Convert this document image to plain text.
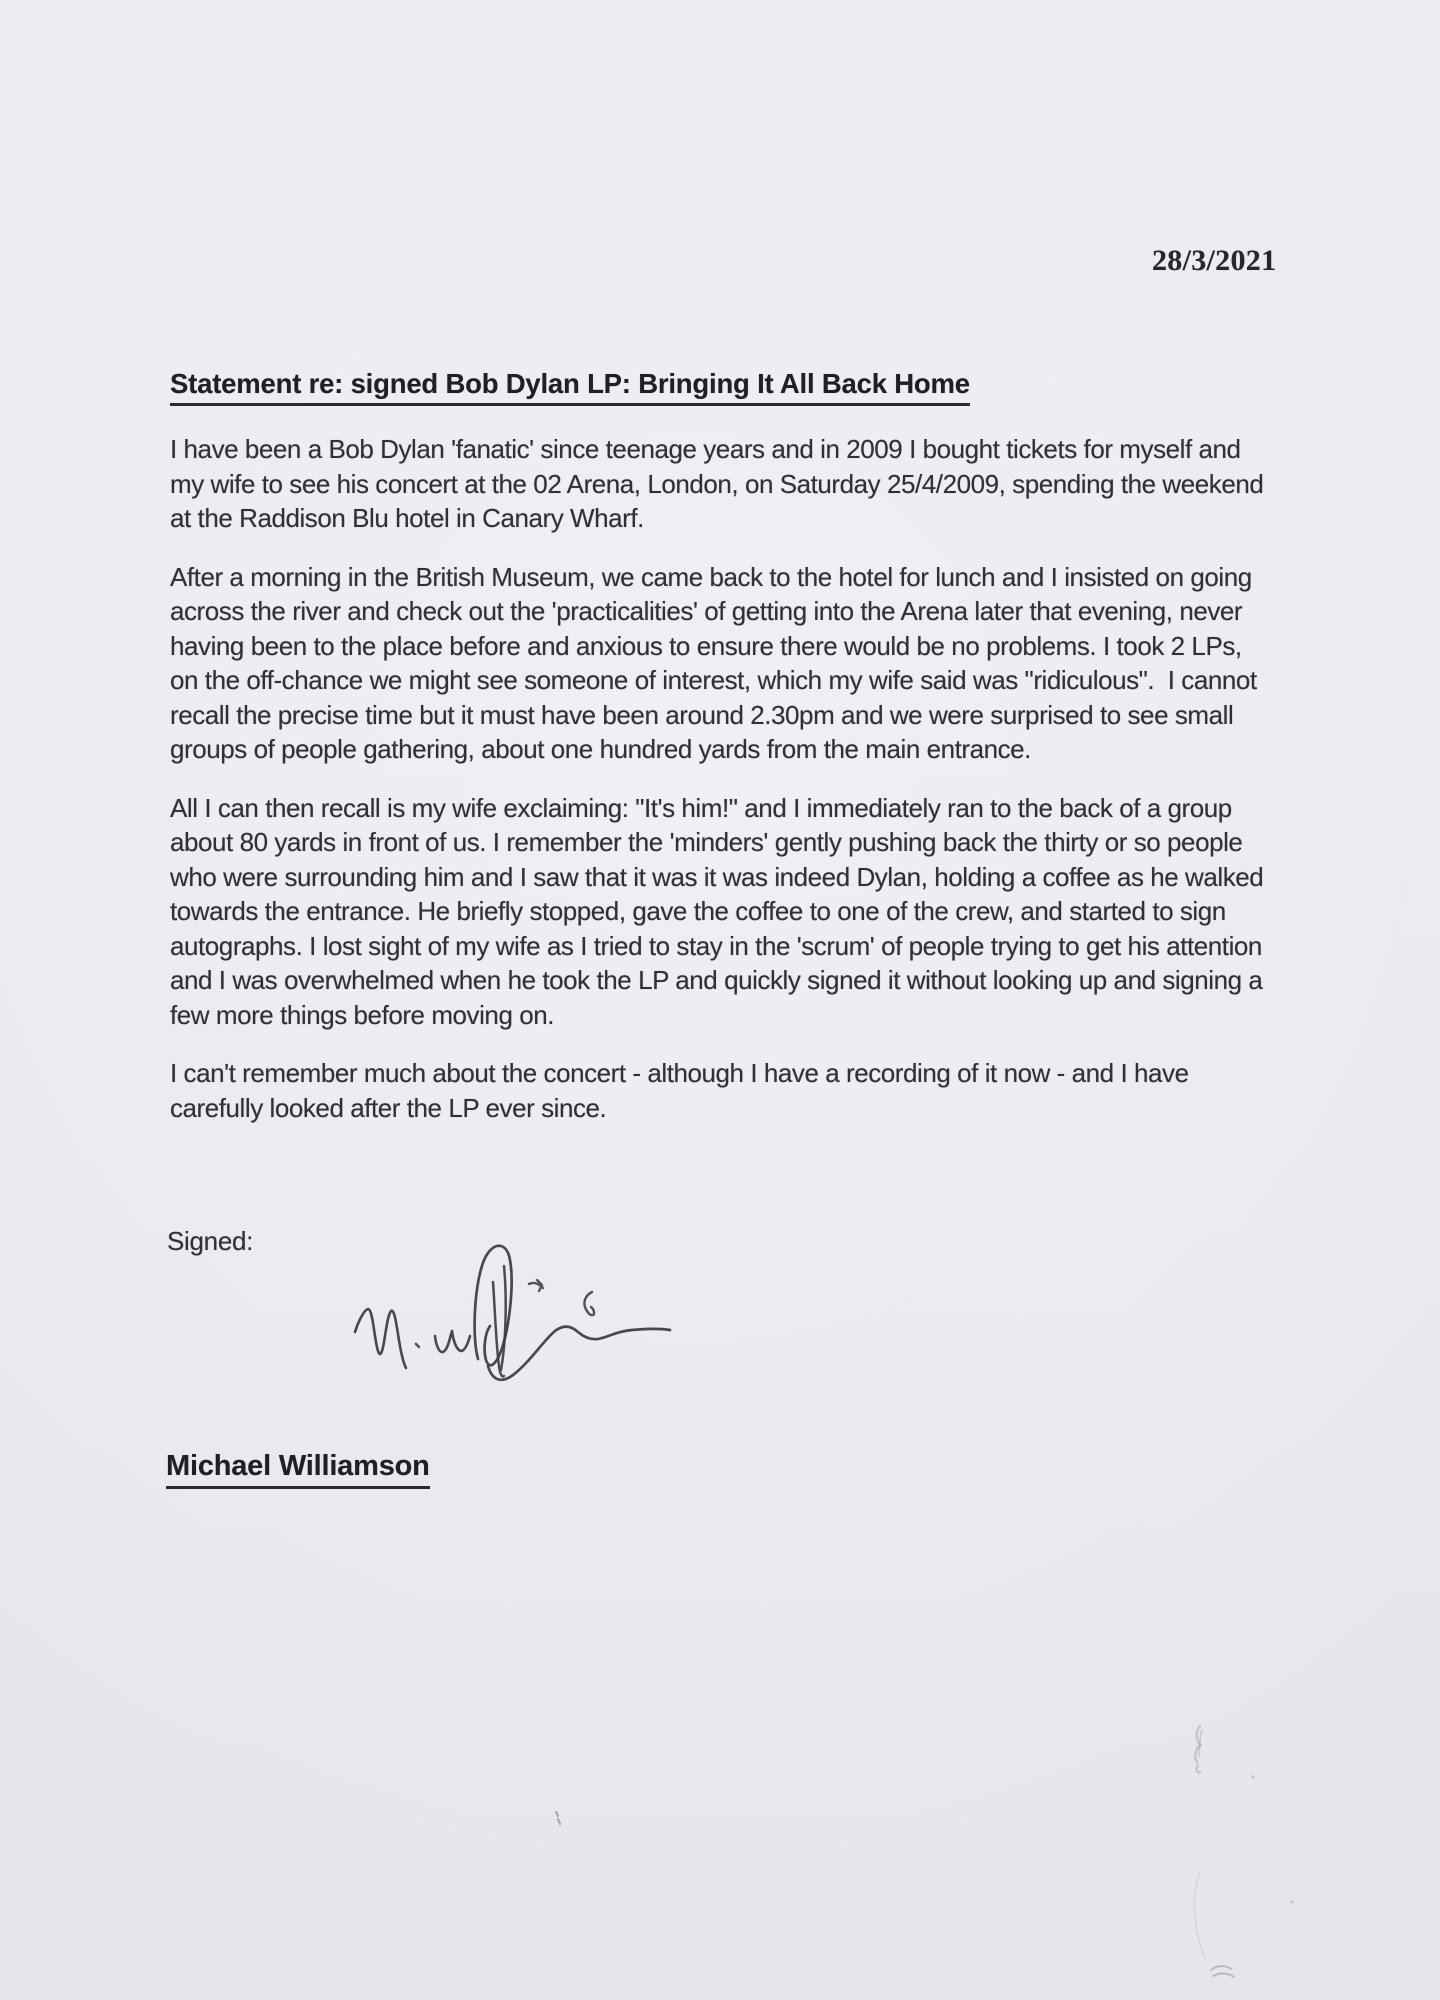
28/3/2021
Statement re: signed Bob Dylan LP: Bringing It All Back Home

I have been a Bob Dylan 'fanatic' since teenage years and in 2009 I bought tickets for myself and my wife to see his concert at the 02 Arena, London, on Saturday 25/4/2009, spending the weekend at the Raddison Blu hotel in Canary Wharf.

After a morning in the British Museum, we came back to the hotel for lunch and I insisted on going across the river and check out the 'practicalities' of getting into the Arena later that evening, never having been to the place before and anxious to ensure there would be no problems. I took 2 LPs, on the off-chance we might see someone of interest, which my wife said was "ridiculous".  I cannot recall the precise time but it must have been around 2.30pm and we were surprised to see small groups of people gathering, about one hundred yards from the main entrance.

All I can then recall is my wife exclaiming: "It's him!" and I immediately ran to the back of a group about 80 yards in front of us. I remember the 'minders' gently pushing back the thirty or so people who were surrounding him and I saw that it was it was indeed Dylan, holding a coffee as he walked towards the entrance. He briefly stopped, gave the coffee to one of the crew, and started to sign autographs. I lost sight of my wife as I tried to stay in the 'scrum' of people trying to get his attention and I was overwhelmed when he took the LP and quickly signed it without looking up and signing a few more things before moving on.

I can't remember much about the concert - although I have a recording of it now - and I have carefully looked after the LP ever since.

Signed:
Michael Williamson
